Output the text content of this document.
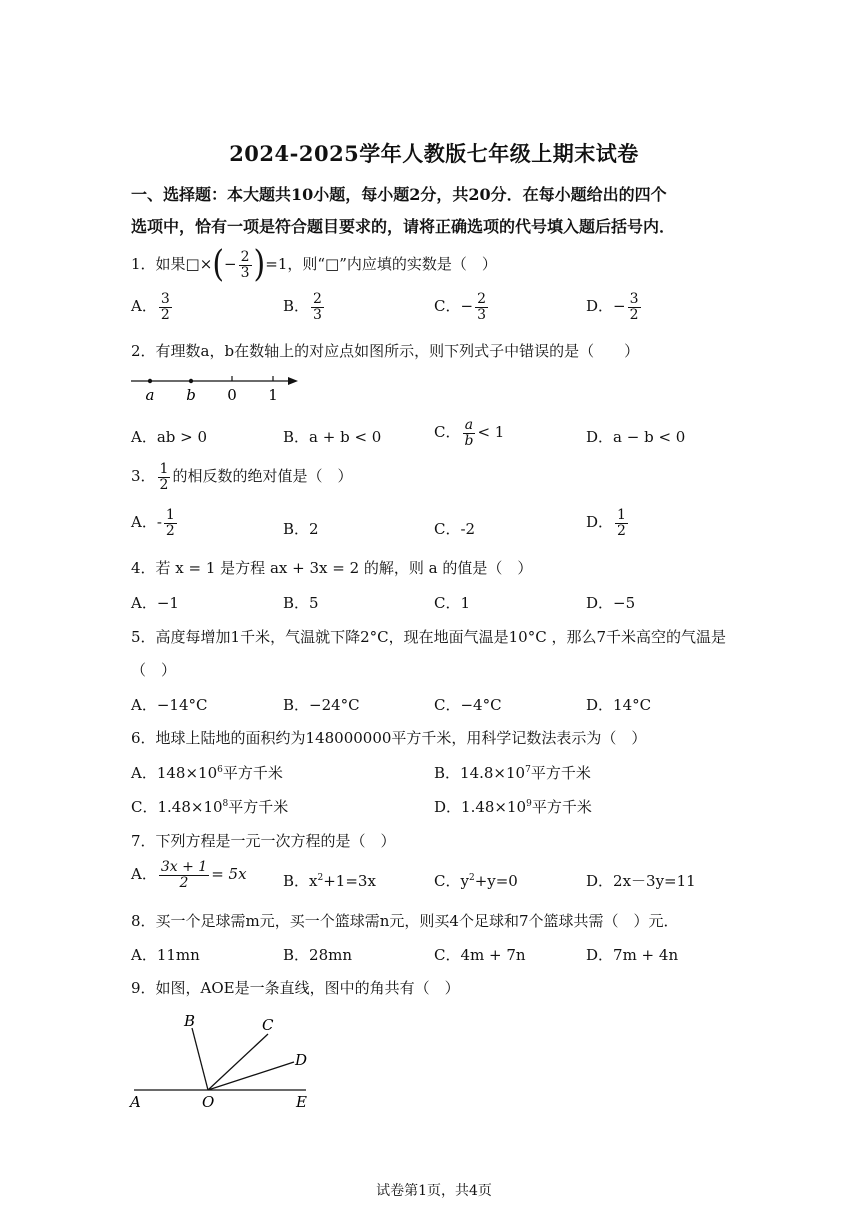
2024-2025学年人教版七年级上期末试卷
一、选择题：本大题共10小题，每小题2分，共20分．在每小题给出的四个
选项中，恰有一项是符合题目要求的，请将正确选项的代号填入题后括号内．
1．如果□×(− $\frac{2}{3} )=1$，则“□”内应填的实数是（　）
A． $\frac{3}{2}$	B． $\frac{2}{3}$	C．− $\frac{2}{3}$	D．− $\frac{3}{2}$
2．有理数a，b在数轴上的对应点如图所示，则下列式子中错误的是（　　）
a b 0 1
A．ab > 0	B．a + b < 0	C． $\frac{a}{b} < 1$	D．a − b < 0
3． $\frac{1}{2}$ 的相反数的绝对值是（　）
A．- $\frac{1}{2}$	B．2	C．-2	D． $\frac{1}{2}$
4．若 x = 1 是方程 ax + 3x = 2 的解，则 a 的值是（　）
A．−1	B．5	C．1	D．−5
5．高度每增加1千米，气温就下降2°C，现在地面气温是10°C ，那么7千米高空的气温是
（　）
A．−14°C	B．−24°C	C．−4°C	D．14°C
6．地球上陆地的面积约为148000000平方千米，用科学记数法表示为（　）
A．$148\times 10^6$平方千米	B．$14.8\times 10^7$平方千米
C．$1.48\times 10^8$平方千米	D．$1.48\times 10^9$平方千米
7．下列方程是一元一次方程的是（　）
A． $\frac{3x + 1}{2} = 5x$ B．$x^2+1=3x$	C．$y^2+y=0$	D．2x－3y=11
8．买一个足球需m元，买一个篮球需n元，则买4个足球和7个篮球共需（　）元．
A．11mn	B．28mn	C．4m + 7n	D．7m + 4n
9．如图，AOE是一条直线，图中的角共有（　）
B	C
D
A	O	E
试卷第1页，共4页
